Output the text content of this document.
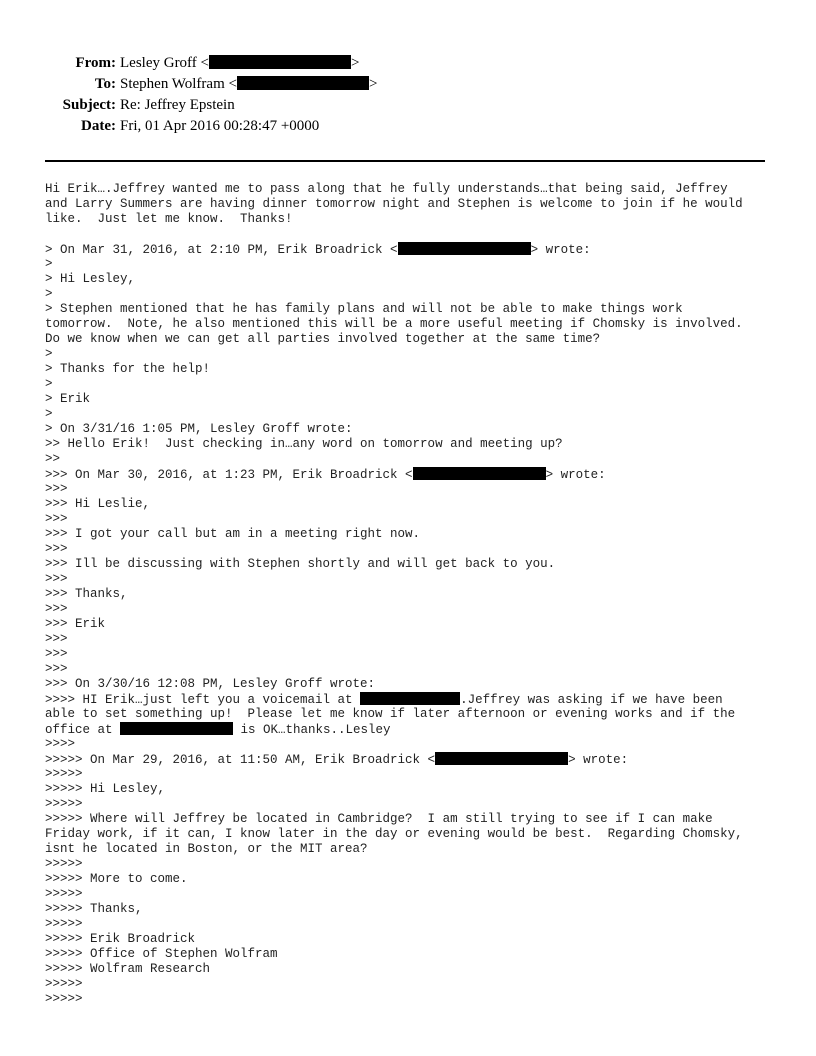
From: Lesley Groff <	>
To: Stephen Wolfram <	>
Subject: Re: Jeffrey Epstein
Date: Fri, 01 Apr 2016 00:28:47 +0000
Hi Erik….Jeffrey wanted me to pass along that he fully understands…that being said, Jeffrey
and Larry Summers are having dinner tomorrow night and Stephen is welcome to join if he would
like.  Just let me know.  Thanks!
> On Mar 31, 2016, at 2:10 PM, Erik Broadrick <	> wrote:
>
> Hi Lesley,
>
> Stephen mentioned that he has family plans and will not be able to make things work
tomorrow.  Note, he also mentioned this will be a more useful meeting if Chomsky is involved.
Do we know when we can get all parties involved together at the same time?
>
> Thanks for the help!
>
> Erik
>
> On 3/31/16 1:05 PM, Lesley Groff wrote:
>> Hello Erik!  Just checking in…any word on tomorrow and meeting up?
>>
>>> On Mar 30, 2016, at 1:23 PM, Erik Broadrick <	> wrote:
>>>
>>> Hi Leslie,
>>>
>>> I got your call but am in a meeting right now.
>>>
>>> Ill be discussing with Stephen shortly and will get back to you.
>>>
>>> Thanks,
>>>
>>> Erik
>>>
>>>
>>>
>>> On 3/30/16 12:08 PM, Lesley Groff wrote:
>>>> HI Erik…just left you a voicemail at	.Jeffrey was asking if we have been
able to set something up!  Please let me know if later afternoon or evening works and if the
office at	is OK…thanks..Lesley
>>>>
>>>>> On Mar 29, 2016, at 11:50 AM, Erik Broadrick <	> wrote:
>>>>>
>>>>> Hi Lesley,
>>>>>
>>>>> Where will Jeffrey be located in Cambridge?  I am still trying to see if I can make
Friday work, if it can, I know later in the day or evening would be best.  Regarding Chomsky,
isnt he located in Boston, or the MIT area?
>>>>>
>>>>> More to come.
>>>>>
>>>>> Thanks,
>>>>>
>>>>> Erik Broadrick
>>>>> Office of Stephen Wolfram
>>>>> Wolfram Research
>>>>>
>>>>>
